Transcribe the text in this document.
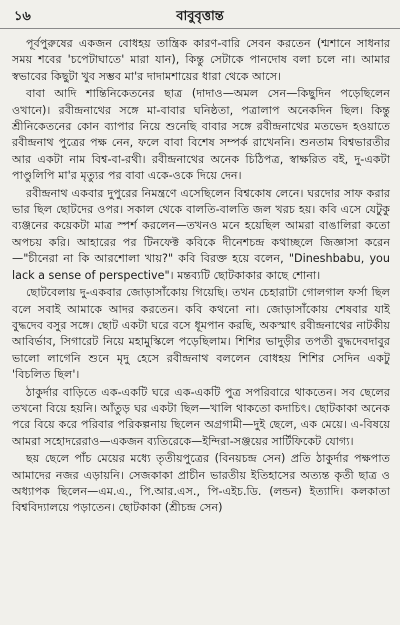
১৬	বাবুবৃত্তান্ত

পূর্বপুরুষের একজন বোধহয় তান্ত্রিক কারণ-বারি সেবন করতেন (শ্মশানে সাধনার সময় শবের 'চপেটাঘাতে' মারা যান), কিন্তু সেটাকে পানদোষ বলা চলে না। আমার স্বভাবের কিছুটা খুব সম্ভব মা'র দাদামশায়ের ধারা থেকে আসে।

বাবা আদি শান্তিনিকেতনের ছাত্র (দাদাও—অমল সেন—কিছুদিন পড়েছিলেন ওখানে)। রবীন্দ্রনাথের সঙ্গে মা-বাবার ঘনিষ্ঠতা, পত্রালাপ অনেকদিন ছিল। কিন্তু শ্রীনিকেতনের কোন ব্যাপার নিয়ে শুনেছি বাবার সঙ্গে রবীন্দ্রনাথের মতভেদ হওয়াতে রবীন্দ্রনাথ পুত্রের পক্ষ নেন, ফলে বাবা বিশেষ সম্পর্ক রাখেননি। শুনতাম বিশ্বভারতীর আর একটা নাম বিশ্ব-বা-রথী। রবীন্দ্রনাথের অনেক চিঠিপত্র, স্বাক্ষরিত বই, দু-একটা পাণ্ডুলিপি মা'র মৃত্যুর পর বাবা একে-ওকে দিয়ে দেন।

রবীন্দ্রনাথ একবার দুপুরের নিমন্ত্রণে এসেছিলেন বিশ্বকোষ লেনে। ঘরদোর সাফ করার ভার ছিল ছোটদের ওপর। সকাল থেকে বালতি-বালতি জল খরচ হয়। কবি এসে যেটুকু ব্যঞ্জনের কয়েকটা মাত্র স্পর্শ করলেন—তখনও মনে হয়েছিল আমরা বাঙালিরা কতো অপচয় করি। আহারের পর টিনফেক্ট কবিকে দীনেশচন্দ্র কথাচ্ছলে জিজ্ঞাসা করেন—"চীনেরা না কি আরশোলা খায়?" কবি বিরক্ত হয়ে বলেন, "Dineshbabu, you lack a sense of perspective"। মন্তব্যটি ছোটকাকার কাছে শোনা।

ছোটবেলায় দু-একবার জোড়াসাঁকোয় গিয়েছি। তখন চেহারাটা গোলগাল ফর্সা ছিল বলে সবাই আমাকে আদর করতেন। কবি কথনো না। জোড়াসাঁকোয় শেষবার যাই বুদ্ধদেব বসুর সঙ্গে। ছোট একটা ঘরে বসে ধূমপান করছি, অকস্মাৎ রবীন্দ্রনাথের নাটকীয় আবির্ভাব, সিগারেট নিয়ে মহামুস্কিলে পড়েছিলাম। শিশির ভাদুড়ীর তপতী বুদ্ধদেবদাবুর ভালো লাগেনি শুনে মৃদু হেসে রবীন্দ্রনাথ বললেন বোধহয় শিশির সেদিন একটু 'বিচলিত ছিল'।

ঠাকুর্দার বাড়িতে এক-একটি ঘরে এক-একটি পুত্র সপরিবারে থাকতেন। সব ছেলের তখনো বিয়ে হয়নি। আঁতুড় ঘর একটা ছিল—খালি থাকতো কদাচিৎ। ছোটকাকা অনেক পরে বিয়ে করে পরিবার পরিকল্পনায় ছিলেন অগ্রগামী—দুই ছেলে, এক মেয়ে। এ-বিষয়ে আমরা সহোদরেরাও—একজন ব্যতিরেকে—ইন্দিরা-সঞ্জয়ের সার্টিফিকেট যোগ্য।

ছয় ছেলে পাঁচ মেয়ের মধ্যে তৃতীয়পুত্রের (বিনয়চন্দ্র সেন) প্রতি ঠাকুর্দার পক্ষপাত আমাদের নজর এড়ায়নি। সেজকাকা প্রাচীন ভারতীয় ইতিহাসের অত্যন্ত কৃতী ছাত্র ও অধ্যাপক ছিলেন—এম.এ., পি.আর.এস., পি-এইচ.ডি. (লন্ডন) ইত্যাদি। কলকাতা বিশ্ববিদ্যালয়ে পড়াতেন। ছোটকাকা (শ্রীচন্দ্র সেন)
